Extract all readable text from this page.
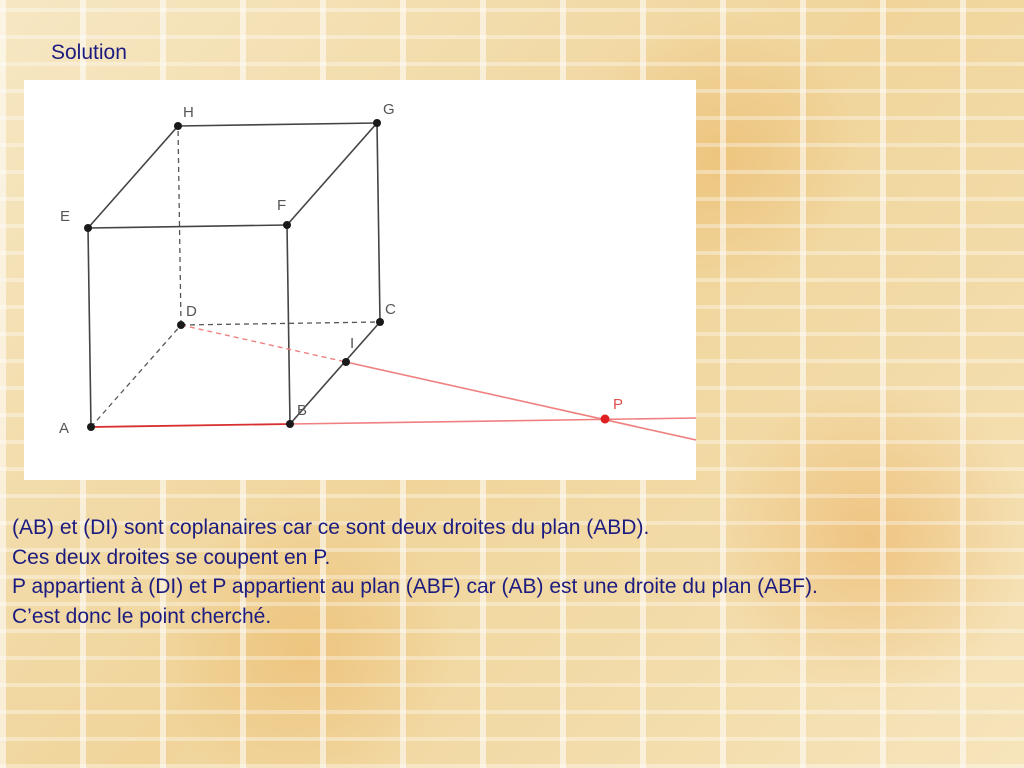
Solution
A
B
C
D
E
F
G
H
I
P

(AB) et (DI) sont coplanaires car ce sont deux droites du plan (ABD).

Ces deux droites se coupent en P.

P appartient à (DI) et P appartient au plan (ABF) car (AB) est une droite du plan (ABF).

C’est donc le point cherché.
